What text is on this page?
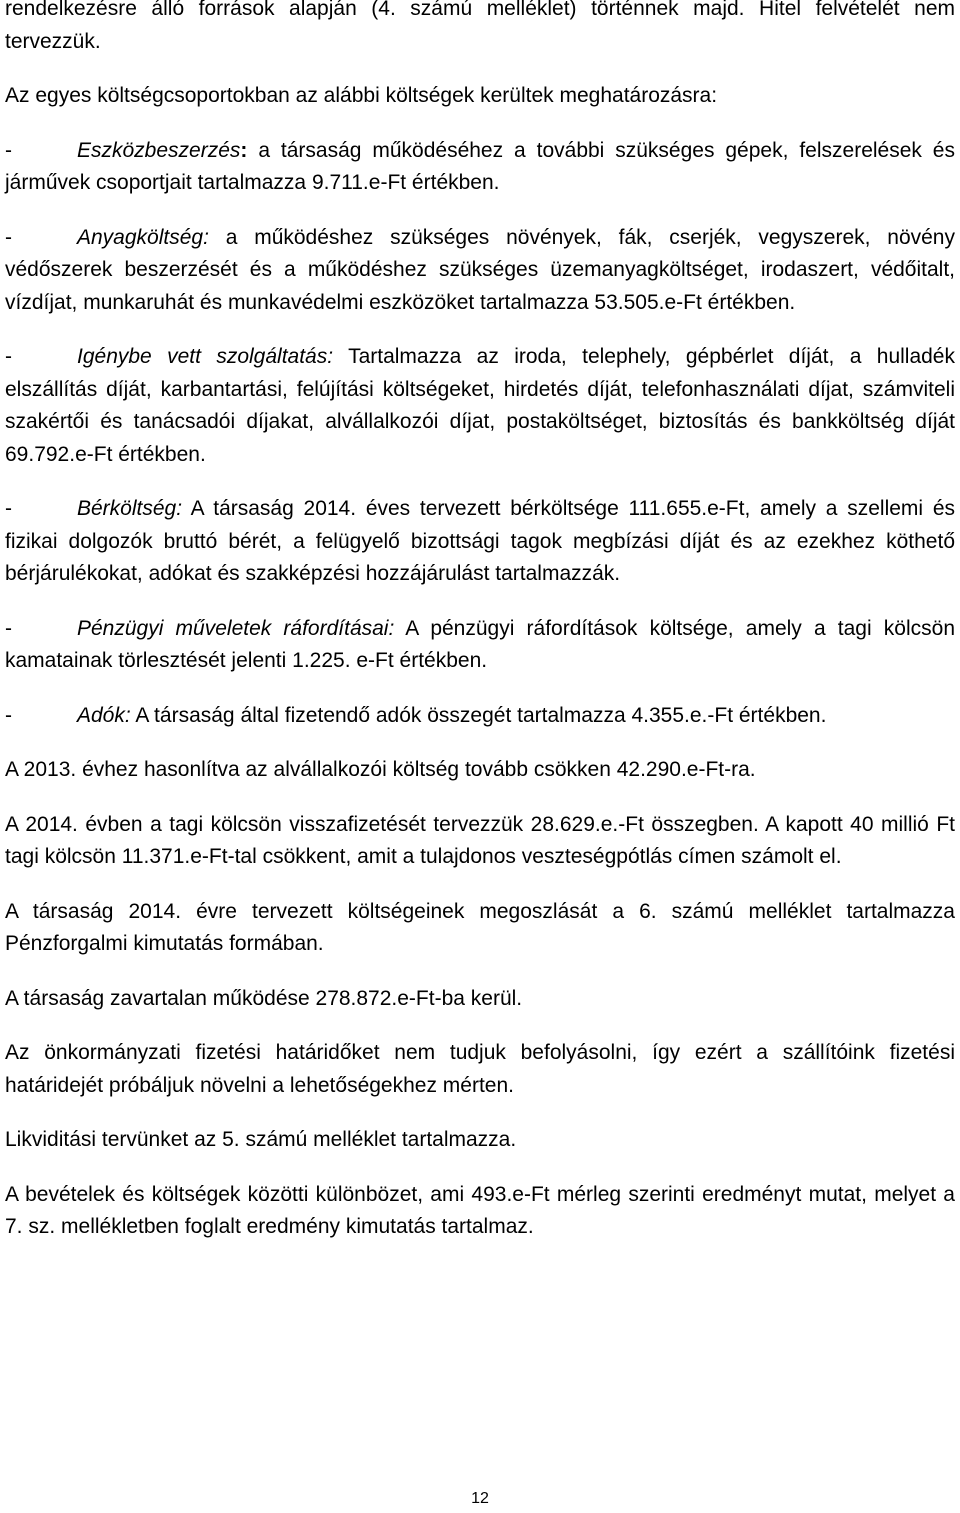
rendelkezésre álló források alapján (4. számú melléklet) történnek majd. Hitel felvételét nem tervezzük.

Az egyes költségcsoportokban az alábbi költségek kerültek meghatározásra:

-	Eszközbeszerzés: a társaság működéséhez a további szükséges gépek, felszerelések és járművek csoportjait tartalmazza 9.711.e-Ft értékben.

-	Anyagköltség: a működéshez szükséges növények, fák, cserjék, vegyszerek, növény védőszerek beszerzését és a működéshez szükséges üzemanyagköltséget, irodaszert, védőitalt, vízdíjat, munkaruhát és munkavédelmi eszközöket tartalmazza 53.505.e-Ft értékben.

-	Igénybe vett szolgáltatás: Tartalmazza az iroda, telephely, gépbérlet díját, a hulladék elszállítás díját, karbantartási, felújítási költségeket, hirdetés díját, telefonhasználati díjat, számviteli szakértői és tanácsadói díjakat, alvállalkozói díjat, postaköltséget, biztosítás és bankköltség díját 69.792.e-Ft értékben.

-	Bérköltség: A társaság 2014. éves tervezett bérköltsége 111.655.e-Ft, amely a szellemi és fizikai dolgozók bruttó bérét, a felügyelő bizottsági tagok megbízási díját és az ezekhez köthető bérjárulékokat, adókat és szakképzési hozzájárulást tartalmazzák.

-	Pénzügyi műveletek ráfordításai: A pénzügyi ráfordítások költsége, amely a tagi kölcsön kamatainak törlesztését jelenti 1.225. e-Ft értékben.

-	Adók: A társaság által fizetendő adók összegét tartalmazza 4.355.e.-Ft értékben.

A 2013. évhez hasonlítva az alvállalkozói költség tovább csökken 42.290.e-Ft-ra.

A 2014. évben a tagi kölcsön visszafizetését tervezzük 28.629.e.-Ft összegben. A kapott 40 millió Ft tagi kölcsön 11.371.e-Ft-tal csökkent, amit a tulajdonos veszteségpótlás címen számolt el.

A társaság 2014. évre tervezett költségeinek megoszlását a 6. számú melléklet tartalmazza Pénzforgalmi kimutatás formában.

A társaság zavartalan működése 278.872.e-Ft-ba kerül.

Az önkormányzati fizetési határidőket nem tudjuk befolyásolni, így ezért a szállítóink fizetési határidejét próbáljuk növelni a lehetőségekhez mérten.

Likviditási tervünket az 5. számú melléklet tartalmazza.

A bevételek és költségek közötti különbözet, ami 493.e-Ft mérleg szerinti eredményt mutat, melyet a 7. sz. mellékletben foglalt eredmény kimutatás tartalmaz.

12
